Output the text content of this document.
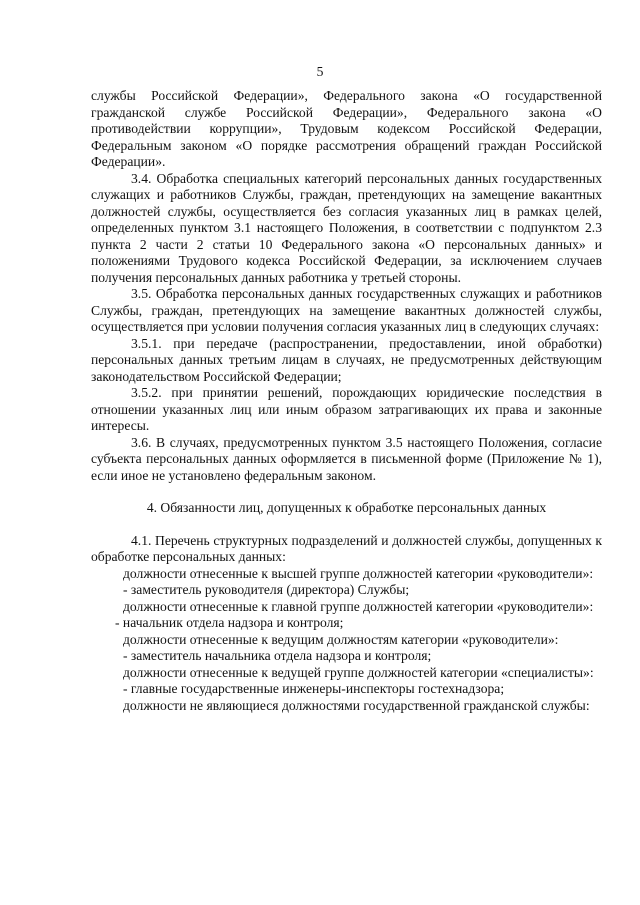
5

службы Российской Федерации», Федерального закона «О государственной гражданской службе Российской Федерации», Федерального закона «О противодействии коррупции», Трудовым кодексом Российской Федерации, Федеральным законом «О порядке рассмотрения обращений граждан Российской Федерации».

3.4. Обработка специальных категорий персональных данных государственных служащих и работников Службы, граждан, претендующих на замещение вакантных должностей службы, осуществляется без согласия указанных лиц в рамках целей, определенных пунктом 3.1 настоящего Положения, в соответствии с подпунктом 2.3 пункта 2 части 2 статьи 10 Федерального закона «О персональных данных» и положениями Трудового кодекса Российской Федерации, за исключением случаев получения персональных данных работника у третьей стороны.

3.5. Обработка персональных данных государственных служащих и работников Службы, граждан, претендующих на замещение вакантных должностей службы, осуществляется при условии получения согласия указанных лиц в следующих случаях:

3.5.1. при передаче (распространении, предоставлении, иной обработки) персональных данных третьим лицам в случаях, не предусмотренных действующим законодательством Российской Федерации;

3.5.2. при принятии решений, порождающих юридические последствия в отношении указанных лиц или иным образом затрагивающих их права и законные интересы.

3.6. В случаях, предусмотренных пунктом 3.5 настоящего Положения, согласие субъекта персональных данных оформляется в письменной форме (Приложение № 1), если иное не установлено федеральным законом.

4. Обязанности лиц, допущенных к обработке персональных данных

4.1. Перечень структурных подразделений и должностей службы, допущенных к обработке персональных данных:

должности отнесенные к высшей группе должностей категории «руководители»:

- заместитель руководителя (директора) Службы;

должности отнесенные к главной группе должностей категории «руководители»:

- начальник отдела надзора и контроля;

должности отнесенные к ведущим должностям категории «руководители»:

- заместитель начальника отдела надзора и контроля;

должности отнесенные к ведущей группе должностей категории «специалисты»:

- главные государственные инженеры-инспекторы гостехнадзора;

должности не являющиеся должностями государственной гражданской службы:
